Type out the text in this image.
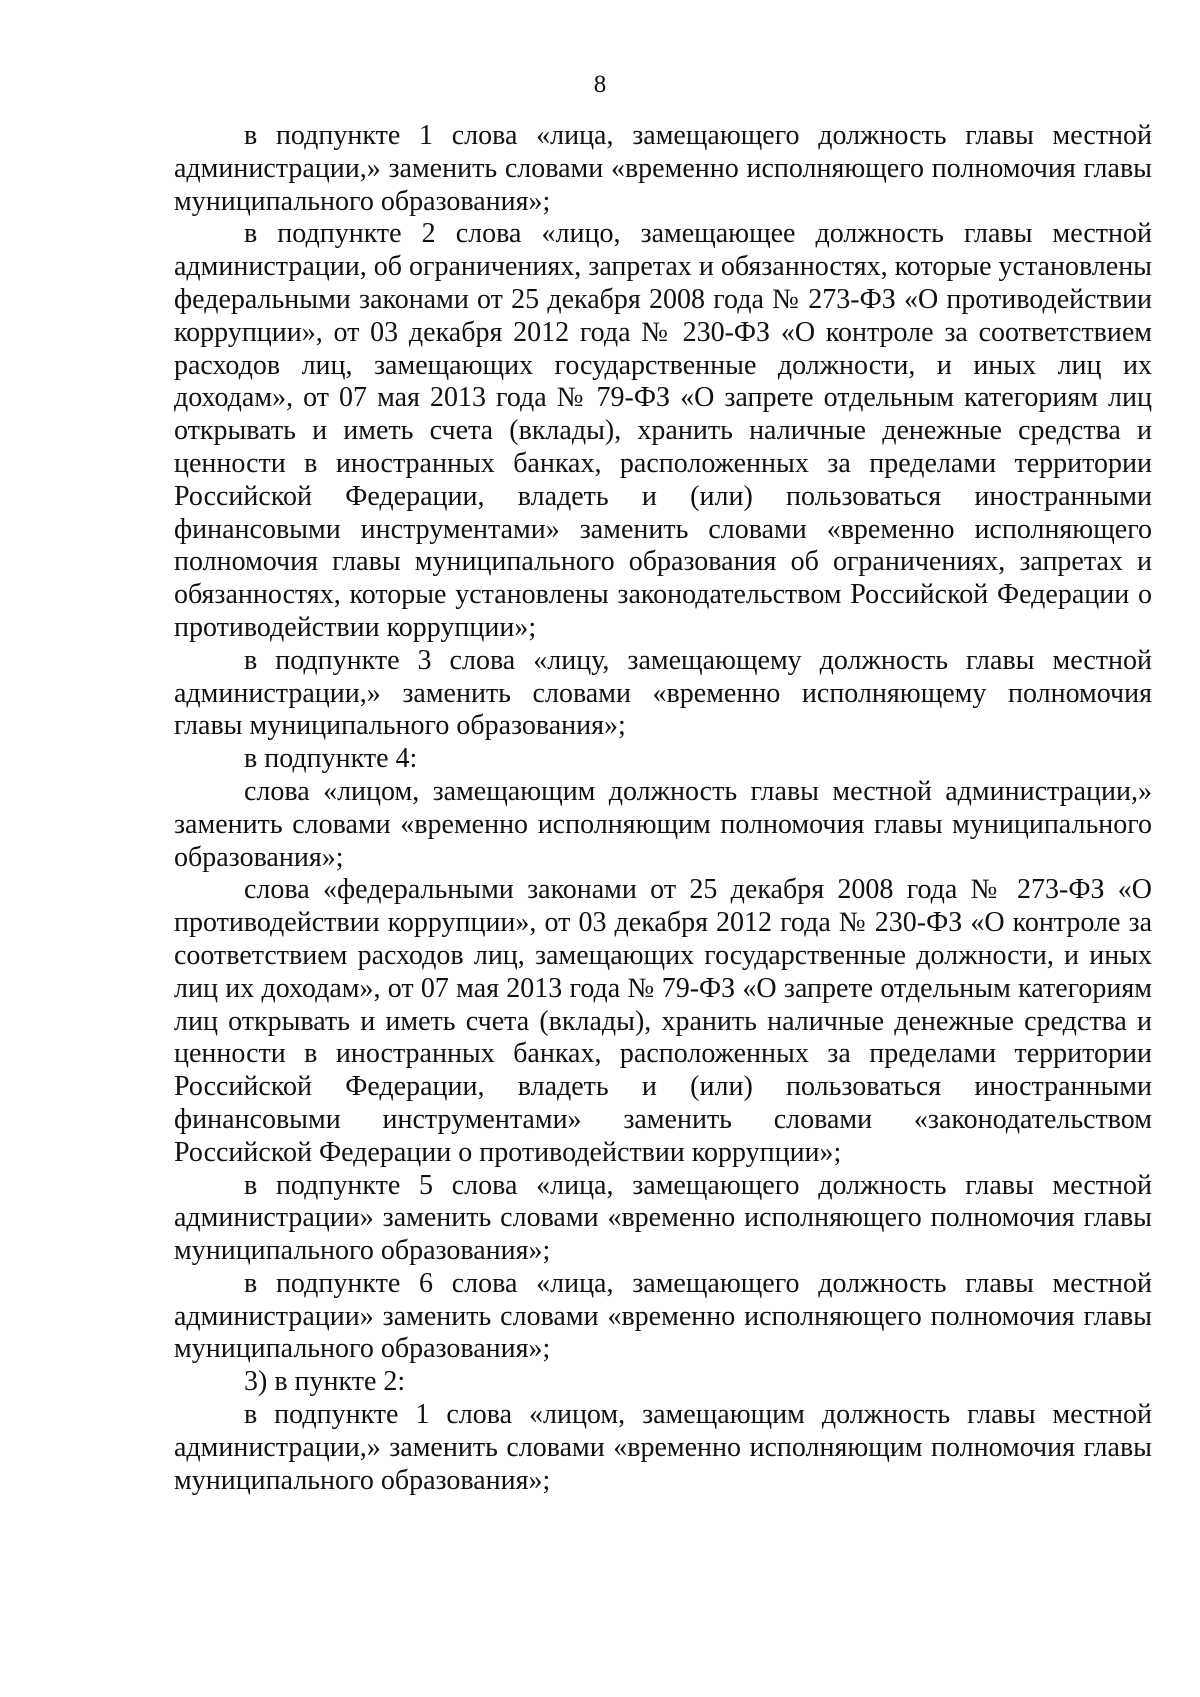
8

в подпункте 1 слова «лица, замещающего должность главы местной администрации,» заменить словами «временно исполняющего полномочия главы муниципального образования»;

в подпункте 2 слова «лицо, замещающее должность главы местной администрации, об ограничениях, запретах и обязанностях, которые установлены федеральными законами от 25 декабря 2008 года № 273-ФЗ «О противодействии коррупции», от 03 декабря 2012 года № 230-ФЗ «О контроле за соответствием расходов лиц, замещающих государственные должности, и иных лиц их доходам», от 07 мая 2013 года № 79-ФЗ «О запрете отдельным категориям лиц открывать и иметь счета (вклады), хранить наличные денежные средства и ценности в иностранных банках, расположенных за пределами территории Российской Федерации, владеть и (или) пользоваться иностранными финансовыми инструментами» заменить словами «временно исполняющего полномочия главы муниципального образования об ограничениях, запретах и обязанностях, которые установлены законодательством Российской Федерации о противодействии коррупции»;

в подпункте 3 слова «лицу, замещающему должность главы местной администрации,» заменить словами «временно исполняющему полномочия главы муниципального образования»;

в подпункте 4:

слова «лицом, замещающим должность главы местной администрации,» заменить словами «временно исполняющим полномочия главы муниципального образования»;

слова «федеральными законами от 25 декабря 2008 года № 273-ФЗ «О противодействии коррупции», от 03 декабря 2012 года № 230-ФЗ «О контроле за соответствием расходов лиц, замещающих государственные должности, и иных лиц их доходам», от 07 мая 2013 года № 79-ФЗ «О запрете отдельным категориям лиц открывать и иметь счета (вклады), хранить наличные денежные средства и ценности в иностранных банках, расположенных за пределами территории Российской Федерации, владеть и (или) пользоваться иностранными финансовыми инструментами» заменить словами «законодательством Российской Федерации о противодействии коррупции»;

в подпункте 5 слова «лица, замещающего должность главы местной администрации» заменить словами «временно исполняющего полномочия главы муниципального образования»;

в подпункте 6 слова «лица, замещающего должность главы местной администрации» заменить словами «временно исполняющего полномочия главы муниципального образования»;

3) в пункте 2:

в подпункте 1 слова «лицом, замещающим должность главы местной администрации,» заменить словами «временно исполняющим полномочия главы муниципального образования»;
